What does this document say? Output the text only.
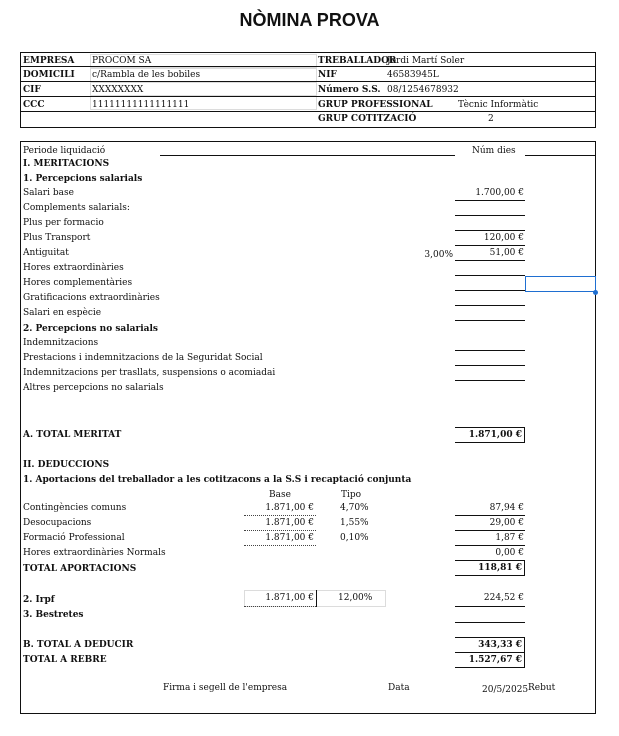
NÒMINA PROVA
EMPRESA PROCOM SA
DOMICILI c/Rambla de les bobiles
CIF	XXXXXXXX
CCC	11111111111111111
TREBALLADOR
Jordi Martí Soler
NIF	46583945L
Número S.S. 08/1254678932
GRUP PROFESSIONAL	Tècnic Informàtic
GRUP COTITZACIÓ	2
Periode liquidació	Núm dies
I. MERITACIONS
1. Percepcions salarials
Salari base	1.700,00 €
Complements salarials:
Plus per formacio
Plus Transport	120,00 €
Antiguitat	3,00%	51,00 €
Hores extraordinàries
Hores complementàries
Gratificacions extraordinàries
Salari en espècie
2. Percepcions no salarials
Indemnitzacions
Prestacions i indemnitzacions de la Seguridat Social
Indemnitzacions per trasllats, suspensions o acomiadai
Altres percepcions no salarials
A. TOTAL MERITAT	1.871,00 €
II. DEDUCCIONS
1. Aportacions del treballador a les cotitzacons a la S.S i recaptació conjunta
Base	Tipo
Contingències comuns	1.871,00 €	4,70%	87,94 €
Desocupacions	1.871,00 €	1,55%	29,00 €
Formació Professional	1.871,00 €	0,10%	1,87 €
Hores extraordinàries Normals	0,00 €
TOTAL APORTACIONS	118,81 €
2. Irpf	1.871,00 €	12,00%	224,52 €
3. Bestretes
B. TOTAL A DEDUCIR	343,33 €
TOTAL A REBRE	1.527,67 €
Firma i segell de l'empresa	Data	20/5/2025 Rebut
